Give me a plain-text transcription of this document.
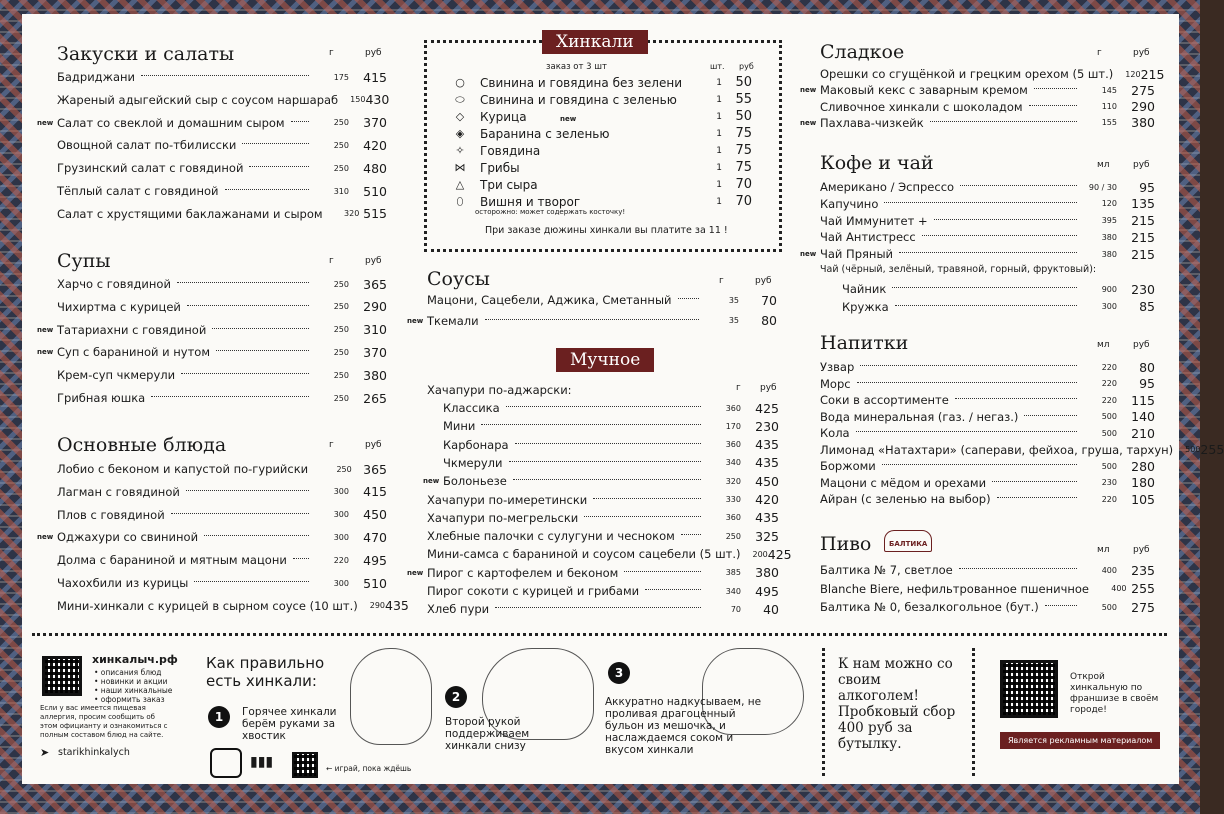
Закуски и салаты	г	руб
Бадриджани	175	415
Жареный адыгейский сыр с соусом наршараб 150 430
Салат со свеклой и домашним сыром	250	370
new
Овощной салат по-тбилисски	250	420
Грузинский салат с говядиной	250	480
Тёплый салат с говядиной	310	510
Салат с хрустящими баклажанами и сыром	320 515
Супы	г	руб
Харчо с говядиной	250	365
Чихиртма с курицей	250	290
Татариахни с говядиной	250	310
new
Суп с бараниной и нутом	250	370
new
Крем-суп чкмерули	250	380
Грибная юшка	250	265
Основные блюда	г	руб
Лобио с беконом и капустой по-гурийски	250 365
Лагман с говядиной	300	415
Плов с говядиной	300	450
Оджахури со свининой	300	470
new
Долма с бараниной и мятным мацони	220	495
Чахохбили из курицы	300	510
Мини-хинкали с курицей в сырном соусе (10 шт.) 290 435
Соусы	г	руб
Мацони, Сацебели, Аджика, Сметанный	35	70
Ткемали	35	80
new
Сладкое	г	руб
Орешки со сгущёнкой и грецким орехом (5 шт.) 120 215
Маковый кекс с заварным кремом	145	275
new
Сливочное хинкали с шоколадом	110	290
Пахлава-чизкейк	155	380
new
Напитки	мл	руб
Узвар	220	80
Морс	220	95
Соки в ассортименте	220	115
Вода минеральная (газ. / негаз.)	500	140
Кола	500	210
Лимонад «Натахтари» (саперави, фейхоа, груша, тархун) 500 255
Боржоми	500	280
Мацони с мёдом и орехами	230	180
Айран (с зеленью на выбор)	220	105
Кофе и чай	мл	руб
Американо / Эспрессо	90 / 30	95
Капучино	120	135
Чай Иммунитет +	395	215
Чай Антистресс	380	215
Чай Пряный	380	215
new
Чай (чёрный, зелёный, травяной, горный, фруктовый):
Чайник	900	230
Кружка	300	85
Пиво	мл	руб
Балтика № 7, светлое	400	235
Blanche Biere, нефильтрованное пшеничное	400 255
Балтика № 0, безалкогольное (бут.)	500	275
БАЛТИКА
г руб
Хачапури по-аджарски:
Классика	360	425
Мини	170	230
Карбонара	360	435
Чкмерули	340	435
Болоньезе	320	450
new
Хачапури по-имеретински	330	420
Хачапури по-мегрельски	360	435
Хлебные палочки с сулугуни и чесноком	250	325
Мини-самса с бараниной и соусом сацебели (5 шт.) 200 425
Пирог с картофелем и беконом	385	380
new
Пирог сокоти с курицей и грибами	340	495
Хлеб пури	70	40
Хинкали
заказ от 3 шт	шт. руб
○ Свинина и говядина без зелени	1	50
⬭ Свинина и говядина с зеленью	1	55
◇	Курица	1	50
new
◈	Баранина с зеленью	1	75
✧ Говядина	1	75
⋈ Грибы	1	75
△	Три сыра	1	70
⬯	Вишня и творог	1	70
осторожно: может содержать косточку!
При заказе дюжины хинкали вы платите за 11 !
Мучное
хинкалыч.рф
• описания блюд
• новинки и акции
• наши хинкальные
• оформить заказ
Если у вас имеется пищевая аллергия, просим сообщить об этом официанту и ознакомиться с полным составом блюд на сайте.
➤ starikhinkalych
Как правильно есть хинкали:
1	Горячее хинкали берём руками за хвостик
▮▮▮	← играй, пока ждёшь
2
Второй рукой поддерживаем хинкали снизу
3
Аккуратно надкусываем, не проливая драгоценный бульон из мешочка, и наслаждаемся соком и вкусом хинкали
К нам можно со своим алкоголем! Пробковый сбор 400 руб за бутылку.
Открой хинкальную по франшизе в своём городе!
Является рекламным материалом
